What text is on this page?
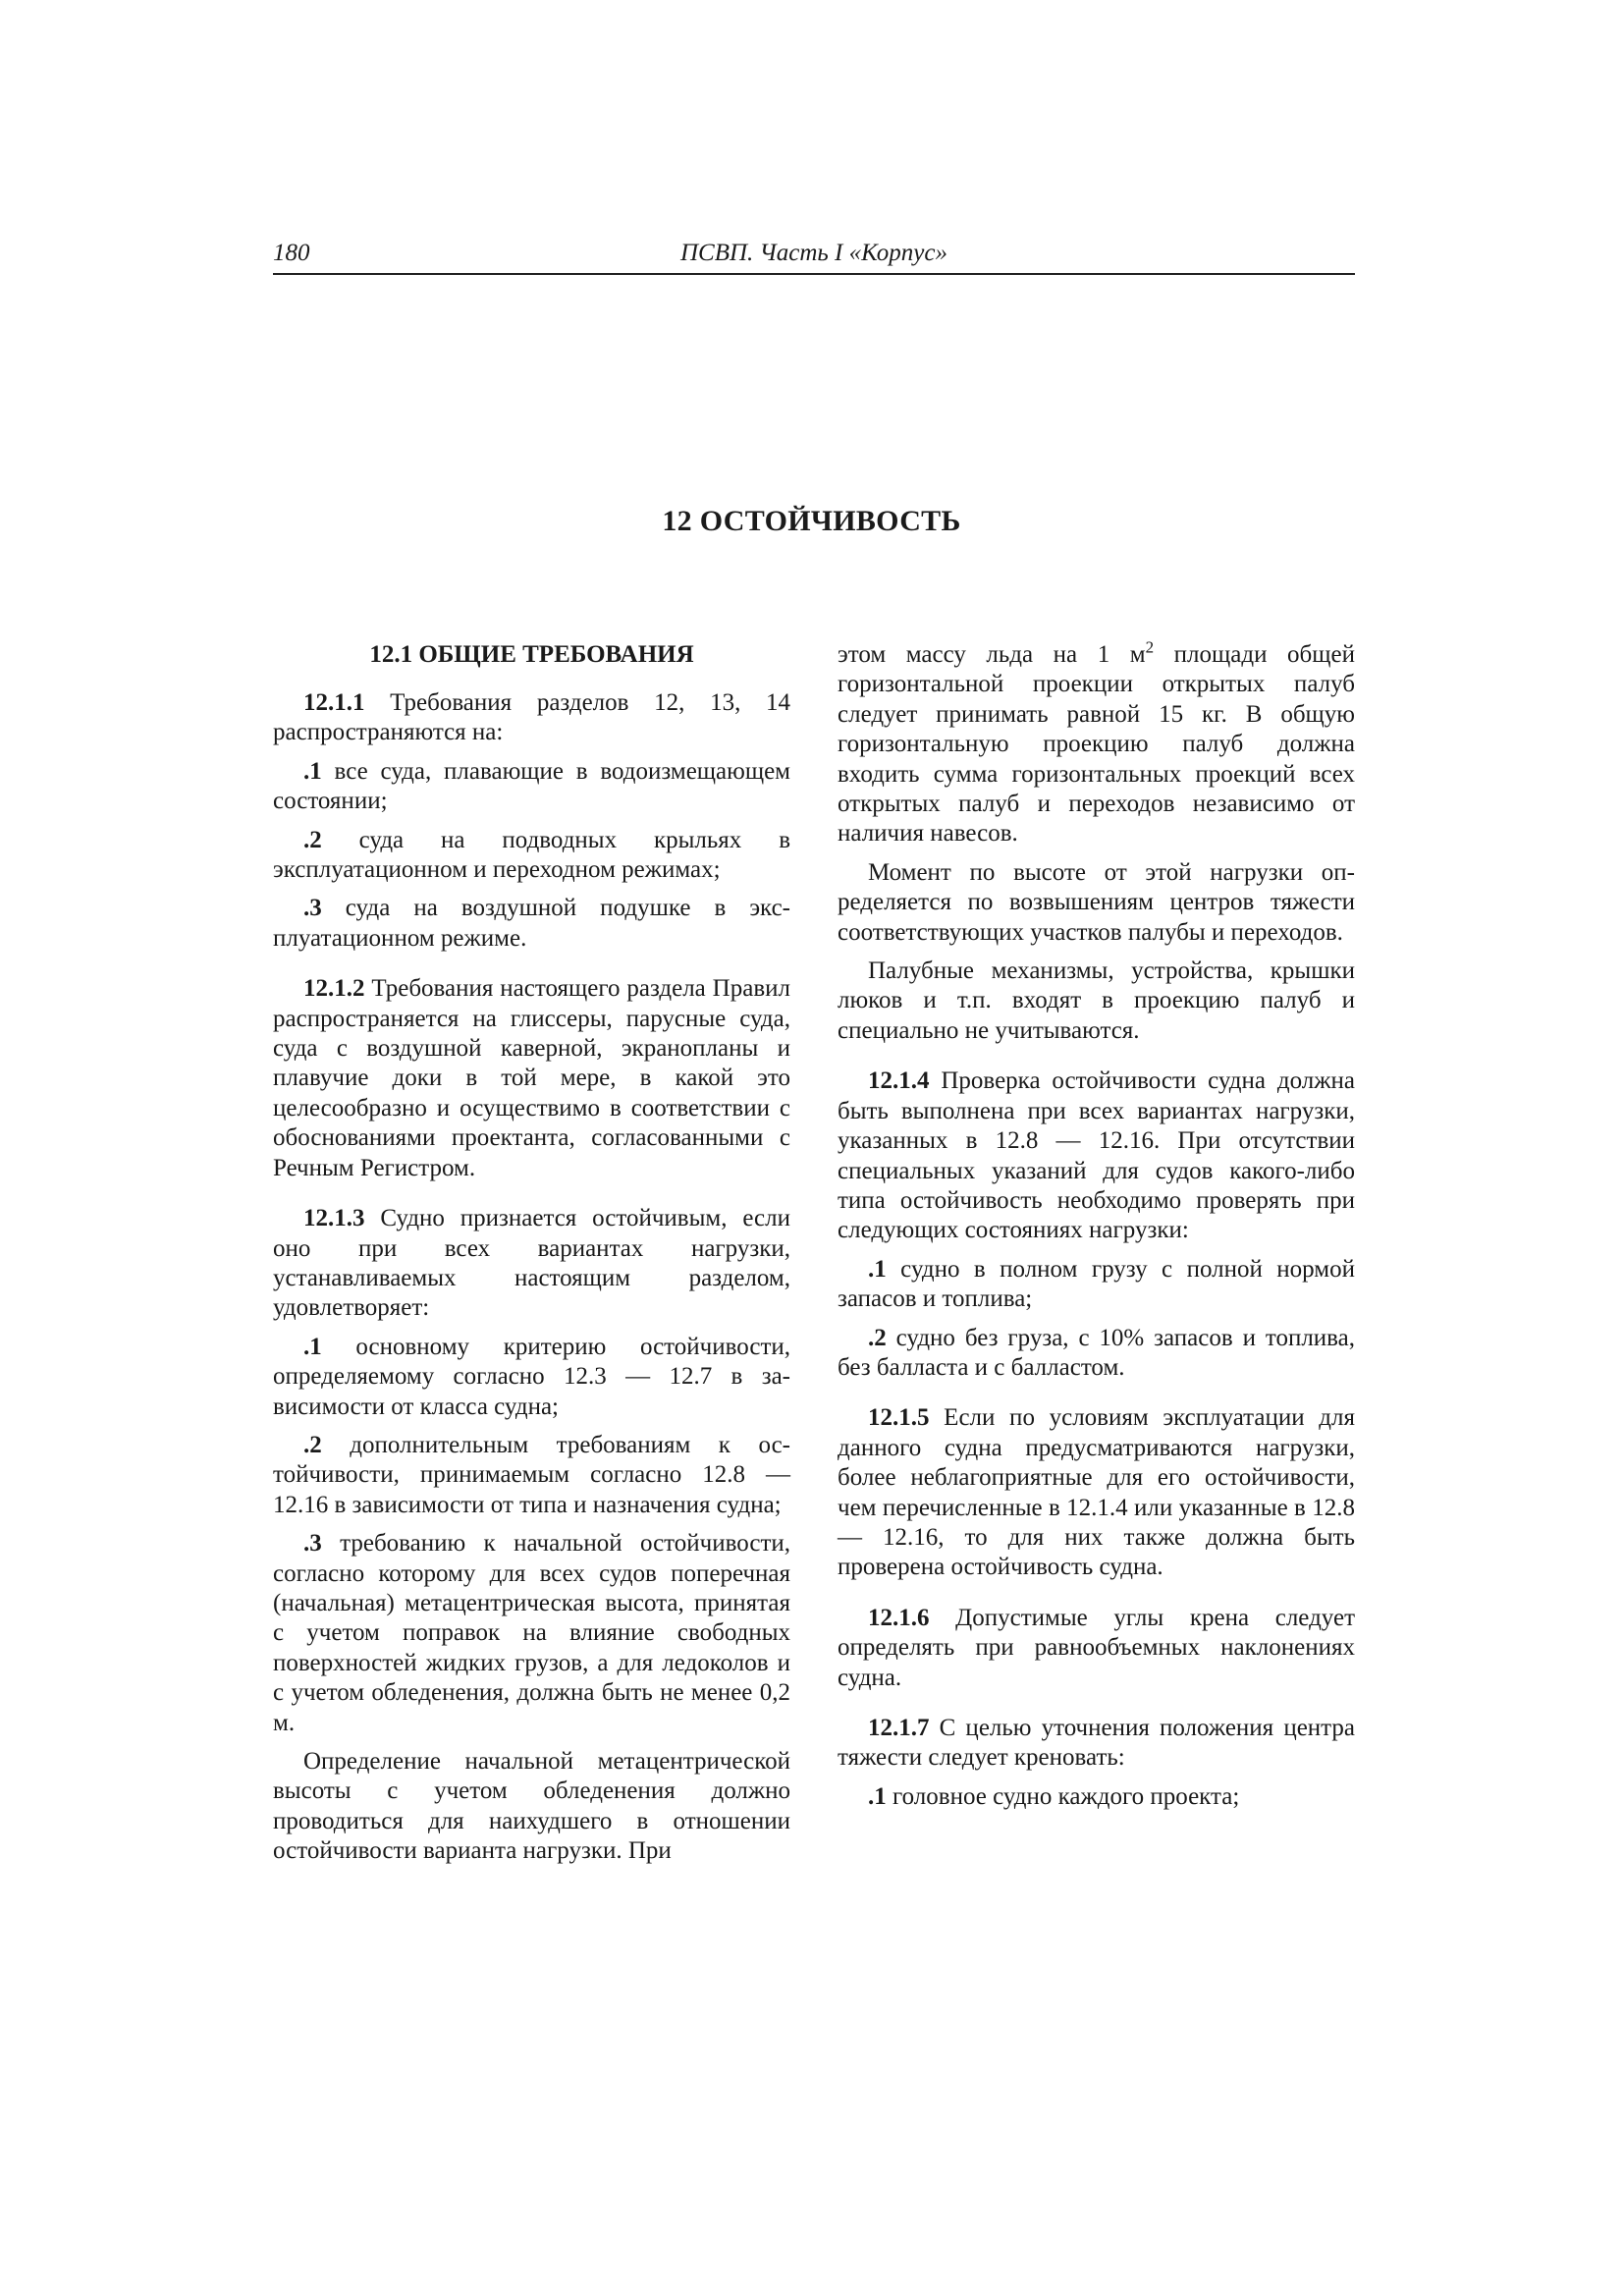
180	ПСВП. Часть I «Корпус»
12 ОСТОЙЧИВОСТЬ
12.1 ОБЩИЕ ТРЕБОВАНИЯ

12.1.1 Требования разделов 12, 13, 14 распространяются на:

.1 все суда, плавающие в водоизмещающем состоянии;

.2 суда на подводных крыльях в эксплуатационном и переходном режимах;

.3 суда на воздушной подушке в эксплуатационном режиме.

12.1.2 Требования настоящего раздела Правил распространяется на глиссеры, парусные суда, суда с воздушной каверной, экранопланы и плавучие доки в той мере, в какой это целесообразно и осуществимо в соответствии с обоснованиями проектанта, согласованными с Речным Регистром.

12.1.3 Судно признается остойчивым, если оно при всех вариантах нагрузки, устанавливаемых настоящим разделом, удовлетворяет:

.1 основному критерию остойчивости, определяемому согласно 12.3 — 12.7 в зависимости от класса судна;

.2 дополнительным требованиям к остойчивости, принимаемым согласно 12.8 — 12.16 в зависимости от типа и назначения судна;

.3 требованию к начальной остойчивости, согласно которому для всех судов поперечная (начальная) метацентрическая высота, принятая с учетом поправок на влияние свободных поверхностей жидких грузов, а для ледоколов и с учетом обледенения, должна быть не менее 0,2 м.

Определение начальной метацентрической высоты с учетом обледенения должно проводиться для наихудшего в отношении остойчивости варианта нагрузки. При

этом массу льда на 1 $м^2$ площади общей горизонтальной проекции открытых палуб следует принимать равной 15 кг. В общую горизонтальную проекцию палуб должна входить сумма горизонтальных проекций всех открытых палуб и переходов независимо от наличия навесов.

Момент по высоте от этой нагрузки определяется по возвышениям центров тяжести соответствующих участков палубы и переходов.

Палубные механизмы, устройства, крышки люков и т.п. входят в проекцию палуб и специально не учитываются.

12.1.4 Проверка остойчивости судна должна быть выполнена при всех вариантах нагрузки, указанных в 12.8 — 12.16. При отсутствии специальных указаний для судов какого-либо типа остойчивость необходимо проверять при следующих состояниях нагрузки:

.1 судно в полном грузу с полной нормой запасов и топлива;

.2 судно без груза, с 10% запасов и топлива, без балласта и с балластом.

12.1.5 Если по условиям эксплуатации для данного судна предусматриваются нагрузки, более неблагоприятные для его остойчивости, чем перечисленные в 12.1.4 или указанные в 12.8 — 12.16, то для них также должна быть проверена остойчивость судна.

12.1.6 Допустимые углы крена следует определять при равнообъемных наклонениях судна.

12.1.7 С целью уточнения положения центра тяжести следует креновать:

.1 головное судно каждого проекта;
